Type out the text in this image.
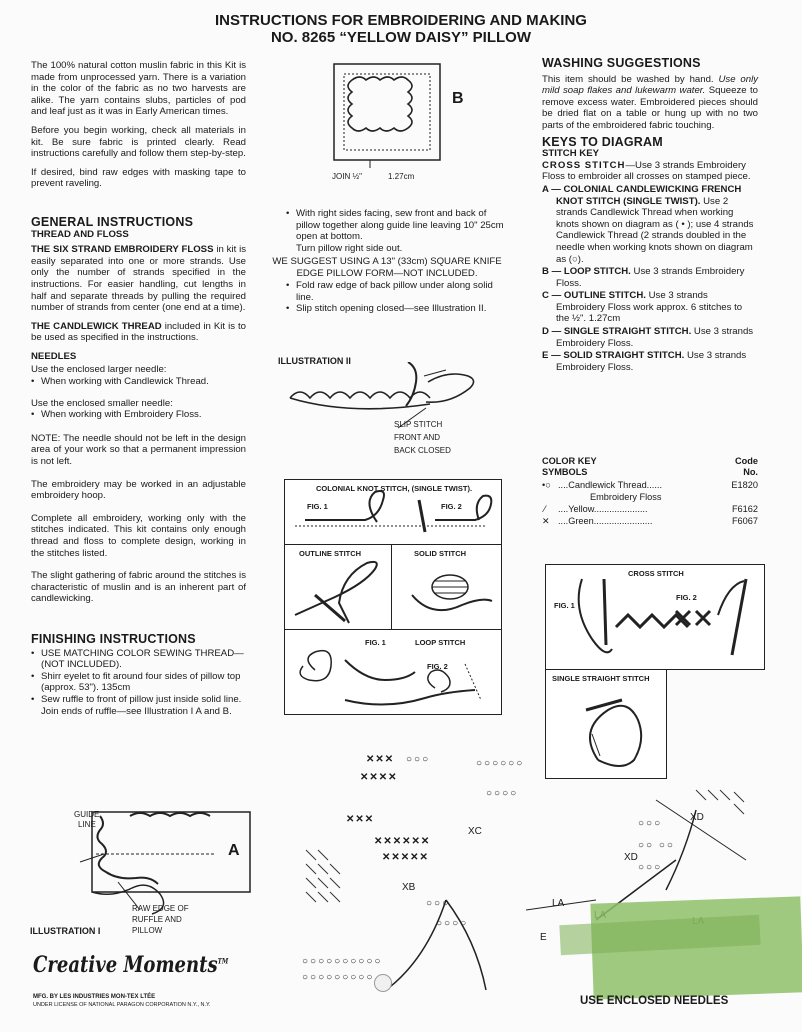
INSTRUCTIONS FOR EMBROIDERING AND MAKING
NO. 8265 “YELLOW DAISY” PILLOW

The 100% natural cotton muslin fabric in this Kit is made from unprocessed yarn. There is a variation in the color of the fabric as no two harvests are alike. The yarn contains slubs, particles of pod and leaf just as it was in Early American times.

Before you begin working, check all materials in kit. Be sure fabric is printed clearly. Read instructions carefully and follow them step-by-step.

If desired, bind raw edges with masking tape to prevent raveling.

GENERAL INSTRUCTIONS
THREAD AND FLOSS

THE SIX STRAND EMBROIDERY FLOSS in kit is easily separated into one or more strands. Use only the number of strands specified in the instructions. For easier handling, cut lengths in half and separate threads by pulling the required number of strands from center (one end at a time).

THE CANDLEWICK THREAD included in Kit is to be used as specified in the instructions.

NEEDLES
Use the enclosed larger needle:
• When working with Candlewick Thread.
Use the enclosed smaller needle:
• When working with Embroidery Floss.

NOTE: The needle should not be left in the design area of your work so that a permanent impression is not left.

The embroidery may be worked in an adjustable embroidery hoop.

Complete all embroidery, working only with the stitches indicated. This kit contains only enough thread and floss to complete design, working in the stitches listed.

The slight gathering of fabric around the stitches is characteristic of muslin and is an inherent part of candlewicking.

FINISHING INSTRUCTIONS
• USE MATCHING COLOR SEWING THREAD—(NOT INCLUDED).
• Shirr eyelet to fit around four sides of pillow top (approx. 53"). 135cm
• Sew ruffle to front of pillow just inside solid line. Join ends of ruffle—see Illustration I A and B.
GUIDE
LINE
A
RAW EDGE OF
RUFFLE AND
PILLOW
ILLUSTRATION I
Creative Moments™
MFG. BY LES INDUSTRIES MON-TEX LTÉE
UNDER LICENSE OF NATIONAL PARAGON CORPORATION N.Y., N.Y.
B
JOIN ½"	1.27cm
• With right sides facing, sew front and back of pillow together along guide line leaving 10" 25cm open at bottom.
Turn pillow right side out.
WE SUGGEST USING A 13" (33cm) SQUARE KNIFE EDGE PILLOW FORM—NOT INCLUDED.
• Fold raw edge of back pillow under along solid line.
• Slip stitch opening closed—see Illustration II.
ILLUSTRATION II
SLIP STITCH
FRONT AND
BACK CLOSED
COLONIAL KNOT STITCH, (SINGLE TWIST).
FIG. 1	FIG. 2
OUTLINE STITCH	SOLID STITCH
FIG. 1	LOOP STITCH
FIG. 2
WASHING SUGGESTIONS

This item should be washed by hand. Use only mild soap flakes and lukewarm water. Squeeze to remove excess water. Embroidered pieces should be dried flat on a table or hung up with no two parts of the embroidered fabric touching.

KEYS TO DIAGRAM
STITCH KEY
CROSS STITCH—Use 3 strands Embroidery Floss to embroider all crosses on stamped piece.
A — COLONIAL CANDLEWICKING FRENCH KNOT STITCH (SINGLE TWIST). Use 2 strands Candlewick Thread when working knots shown on diagram as ( • ); use 4 strands Candlewick Thread (2 strands doubled in the needle when working knots shown on diagram as (○).
B — LOOP STITCH. Use 3 strands Embroidery Floss.
C — OUTLINE STITCH. Use 3 strands Embroidery Floss work approx. 6 stitches to the ½". 1.27cm
D — SINGLE STRAIGHT STITCH. Use 3 strands Embroidery Floss.
E — SOLID STRAIGHT STITCH. Use 3 strands Embroidery Floss.
COLOR KEY
SYMBOLS
Code
No.
•○ ....Candlewick Thread......	E1820
Embroidery Floss
⁄ ....Yellow.....................	F6162
✕ ....Green.......................	F6067
CROSS STITCH
FIG. 1
FIG. 2
SINGLE STRAIGHT STITCH
✕✕✕
✕✕✕✕
✕✕✕
✕✕✕✕✕✕
✕✕✕✕✕
○○○	○○○○○○
○○○○
○○○
○○ ○○
○○○
○○○
○○○○
○○○○○○○○○○
○○○○○○○○○
XC
XB
LA
E
XD
XD
USE ENCLOSED NEEDLES
